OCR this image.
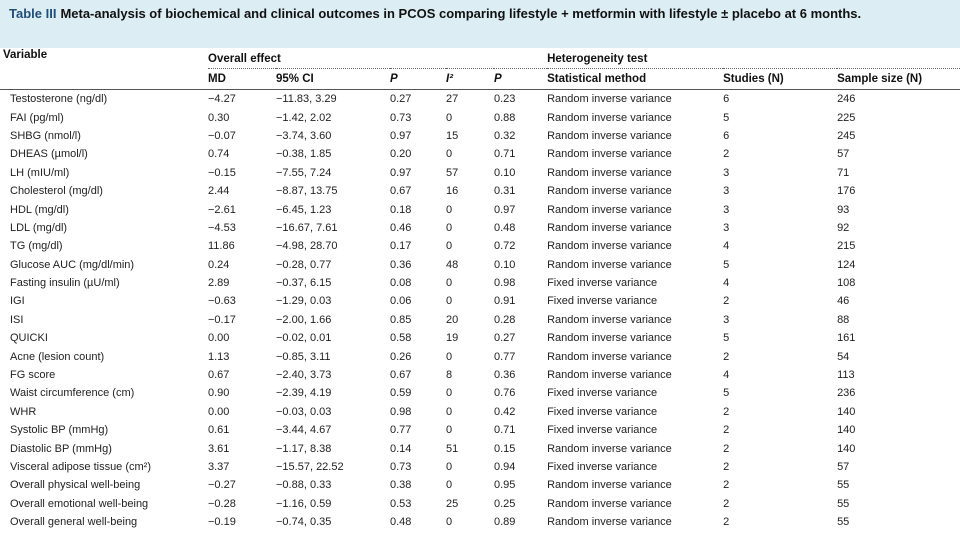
Table III Meta-analysis of biochemical and clinical outcomes in PCOS comparing lifestyle + metformin with lifestyle ± placebo at 6 months.
Variable	Overall effect					Heterogeneity test		
	MD	95% CI	P	I²	P	Statistical method	Studies (N)	Sample size (N)
Testosterone (ng/dl)	−4.27	−11.83, 3.29	0.27	27	0.23	Random inverse variance	6	246
FAI (pg/ml)	0.30	−1.42, 2.02	0.73	0	0.88	Random inverse variance	5	225
SHBG (nmol/l)	−0.07	−3.74, 3.60	0.97	15	0.32	Random inverse variance	6	245
DHEAS (µmol/l)	0.74	−0.38, 1.85	0.20	0	0.71	Random inverse variance	2	57
LH (mIU/ml)	−0.15	−7.55, 7.24	0.97	57	0.10	Random inverse variance	3	71
Cholesterol (mg/dl)	2.44	−8.87, 13.75	0.67	16	0.31	Random inverse variance	3	176
HDL (mg/dl)	−2.61	−6.45, 1.23	0.18	0	0.97	Random inverse variance	3	93
LDL (mg/dl)	−4.53	−16.67, 7.61	0.46	0	0.48	Random inverse variance	3	92
TG (mg/dl)	11.86	−4.98, 28.70	0.17	0	0.72	Random inverse variance	4	215
Glucose AUC (mg/dl/min)	0.24	−0.28, 0.77	0.36	48	0.10	Random inverse variance	5	124
Fasting insulin (µU/ml)	2.89	−0.37, 6.15	0.08	0	0.98	Fixed inverse variance	4	108
IGI	−0.63	−1.29, 0.03	0.06	0	0.91	Fixed inverse variance	2	46
ISI	−0.17	−2.00, 1.66	0.85	20	0.28	Random inverse variance	3	88
QUICKI	0.00	−0.02, 0.01	0.58	19	0.27	Random inverse variance	5	161
Acne (lesion count)	1.13	−0.85, 3.11	0.26	0	0.77	Random inverse variance	2	54
FG score	0.67	−2.40, 3.73	0.67	8	0.36	Random inverse variance	4	113
Waist circumference (cm)	0.90	−2.39, 4.19	0.59	0	0.76	Fixed inverse variance	5	236
WHR	0.00	−0.03, 0.03	0.98	0	0.42	Fixed inverse variance	2	140
Systolic BP (mmHg)	0.61	−3.44, 4.67	0.77	0	0.71	Fixed inverse variance	2	140
Diastolic BP (mmHg)	3.61	−1.17, 8.38	0.14	51	0.15	Random inverse variance	2	140
Visceral adipose tissue (cm²)	3.37	−15.57, 22.52	0.73	0	0.94	Fixed inverse variance	2	57
Overall physical well-being	−0.27	−0.88, 0.33	0.38	0	0.95	Random inverse variance	2	55
Overall emotional well-being	−0.28	−1.16, 0.59	0.53	25	0.25	Random inverse variance	2	55
Overall general well-being	−0.19	−0.74, 0.35	0.48	0	0.89	Random inverse variance	2	55
